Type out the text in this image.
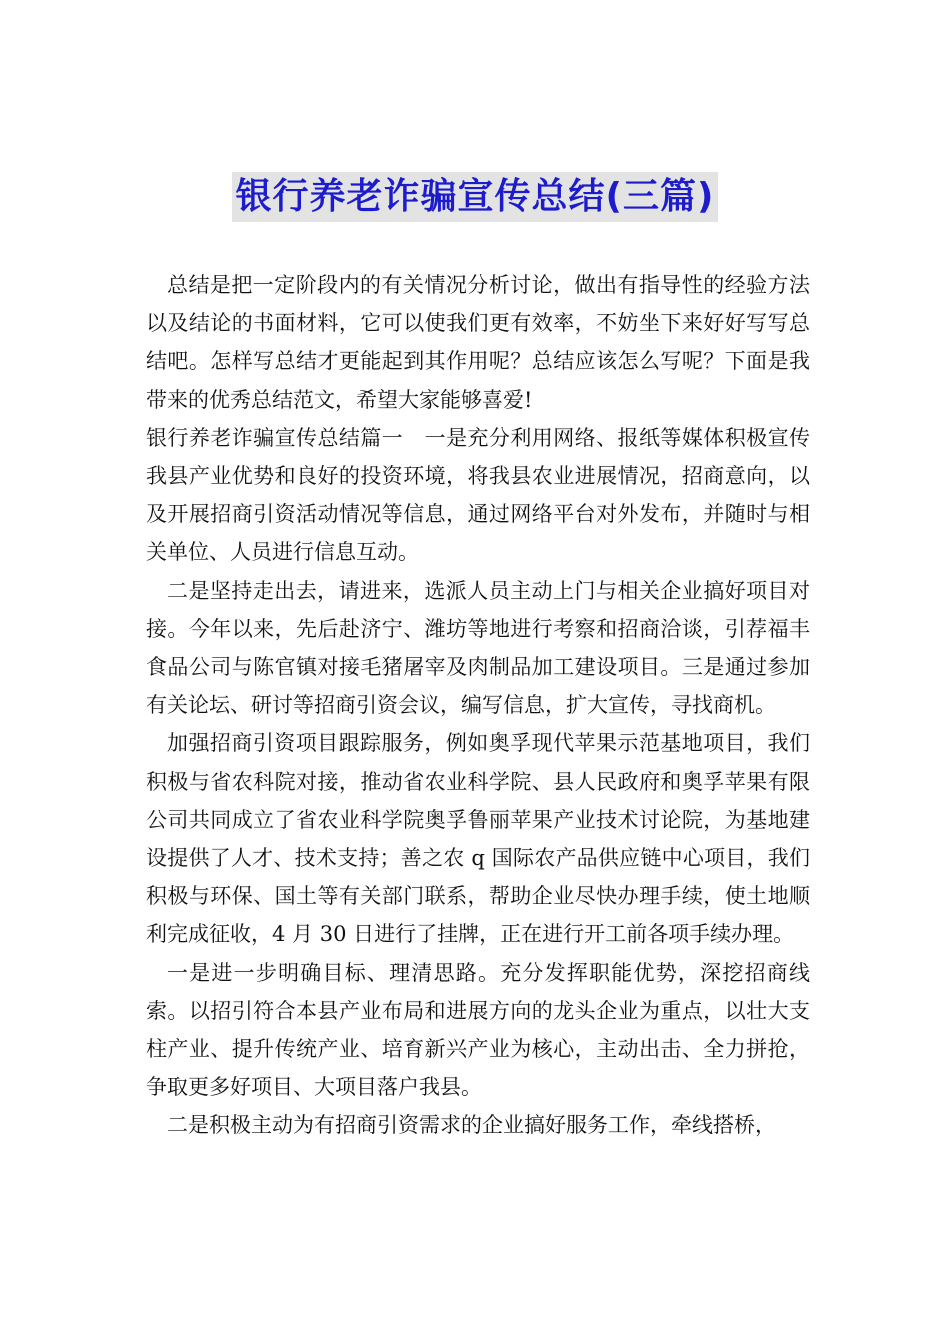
银行养老诈骗宣传总结(三篇)

总结是把一定阶段内的有关情况分析讨论，做出有指导性的经验方法以及结论的书面材料，它可以使我们更有效率，不妨坐下来好好写写总结吧。怎样写总结才更能起到其作用呢？总结应该怎么写呢？下面是我带来的优秀总结范文，希望大家能够喜爱!

银行养老诈骗宣传总结篇一　一是充分利用网络、报纸等媒体积极宣传我县产业优势和良好的投资环境，将我县农业进展情况，招商意向，以及开展招商引资活动情况等信息，通过网络平台对外发布，并随时与相关单位、人员进行信息互动。

二是坚持走出去，请进来，选派人员主动上门与相关企业搞好项目对接。今年以来，先后赴济宁、潍坊等地进行考察和招商洽谈，引荐福丰食品公司与陈官镇对接毛猪屠宰及肉制品加工建设项目。三是通过参加有关论坛、研讨等招商引资会议，编写信息，扩大宣传，寻找商机。

加强招商引资项目跟踪服务，例如奥孚现代苹果示范基地项目，我们积极与省农科院对接，推动省农业科学院、县人民政府和奥孚苹果有限公司共同成立了省农业科学院奥孚鲁丽苹果产业技术讨论院，为基地建设提供了人才、技术支持；善之农 q 国际农产品供应链中心项目，我们积极与环保、国土等有关部门联系，帮助企业尽快办理手续，使土地顺利完成征收，4 月 30 日进行了挂牌，正在进行开工前各项手续办理。

一是进一步明确目标、理清思路。充分发挥职能优势，深挖招商线索。以招引符合本县产业布局和进展方向的龙头企业为重点，以壮大支柱产业、提升传统产业、培育新兴产业为核心，主动出击、全力拼抢，争取更多好项目、大项目落户我县。

二是积极主动为有招商引资需求的企业搞好服务工作，牵线搭桥，
